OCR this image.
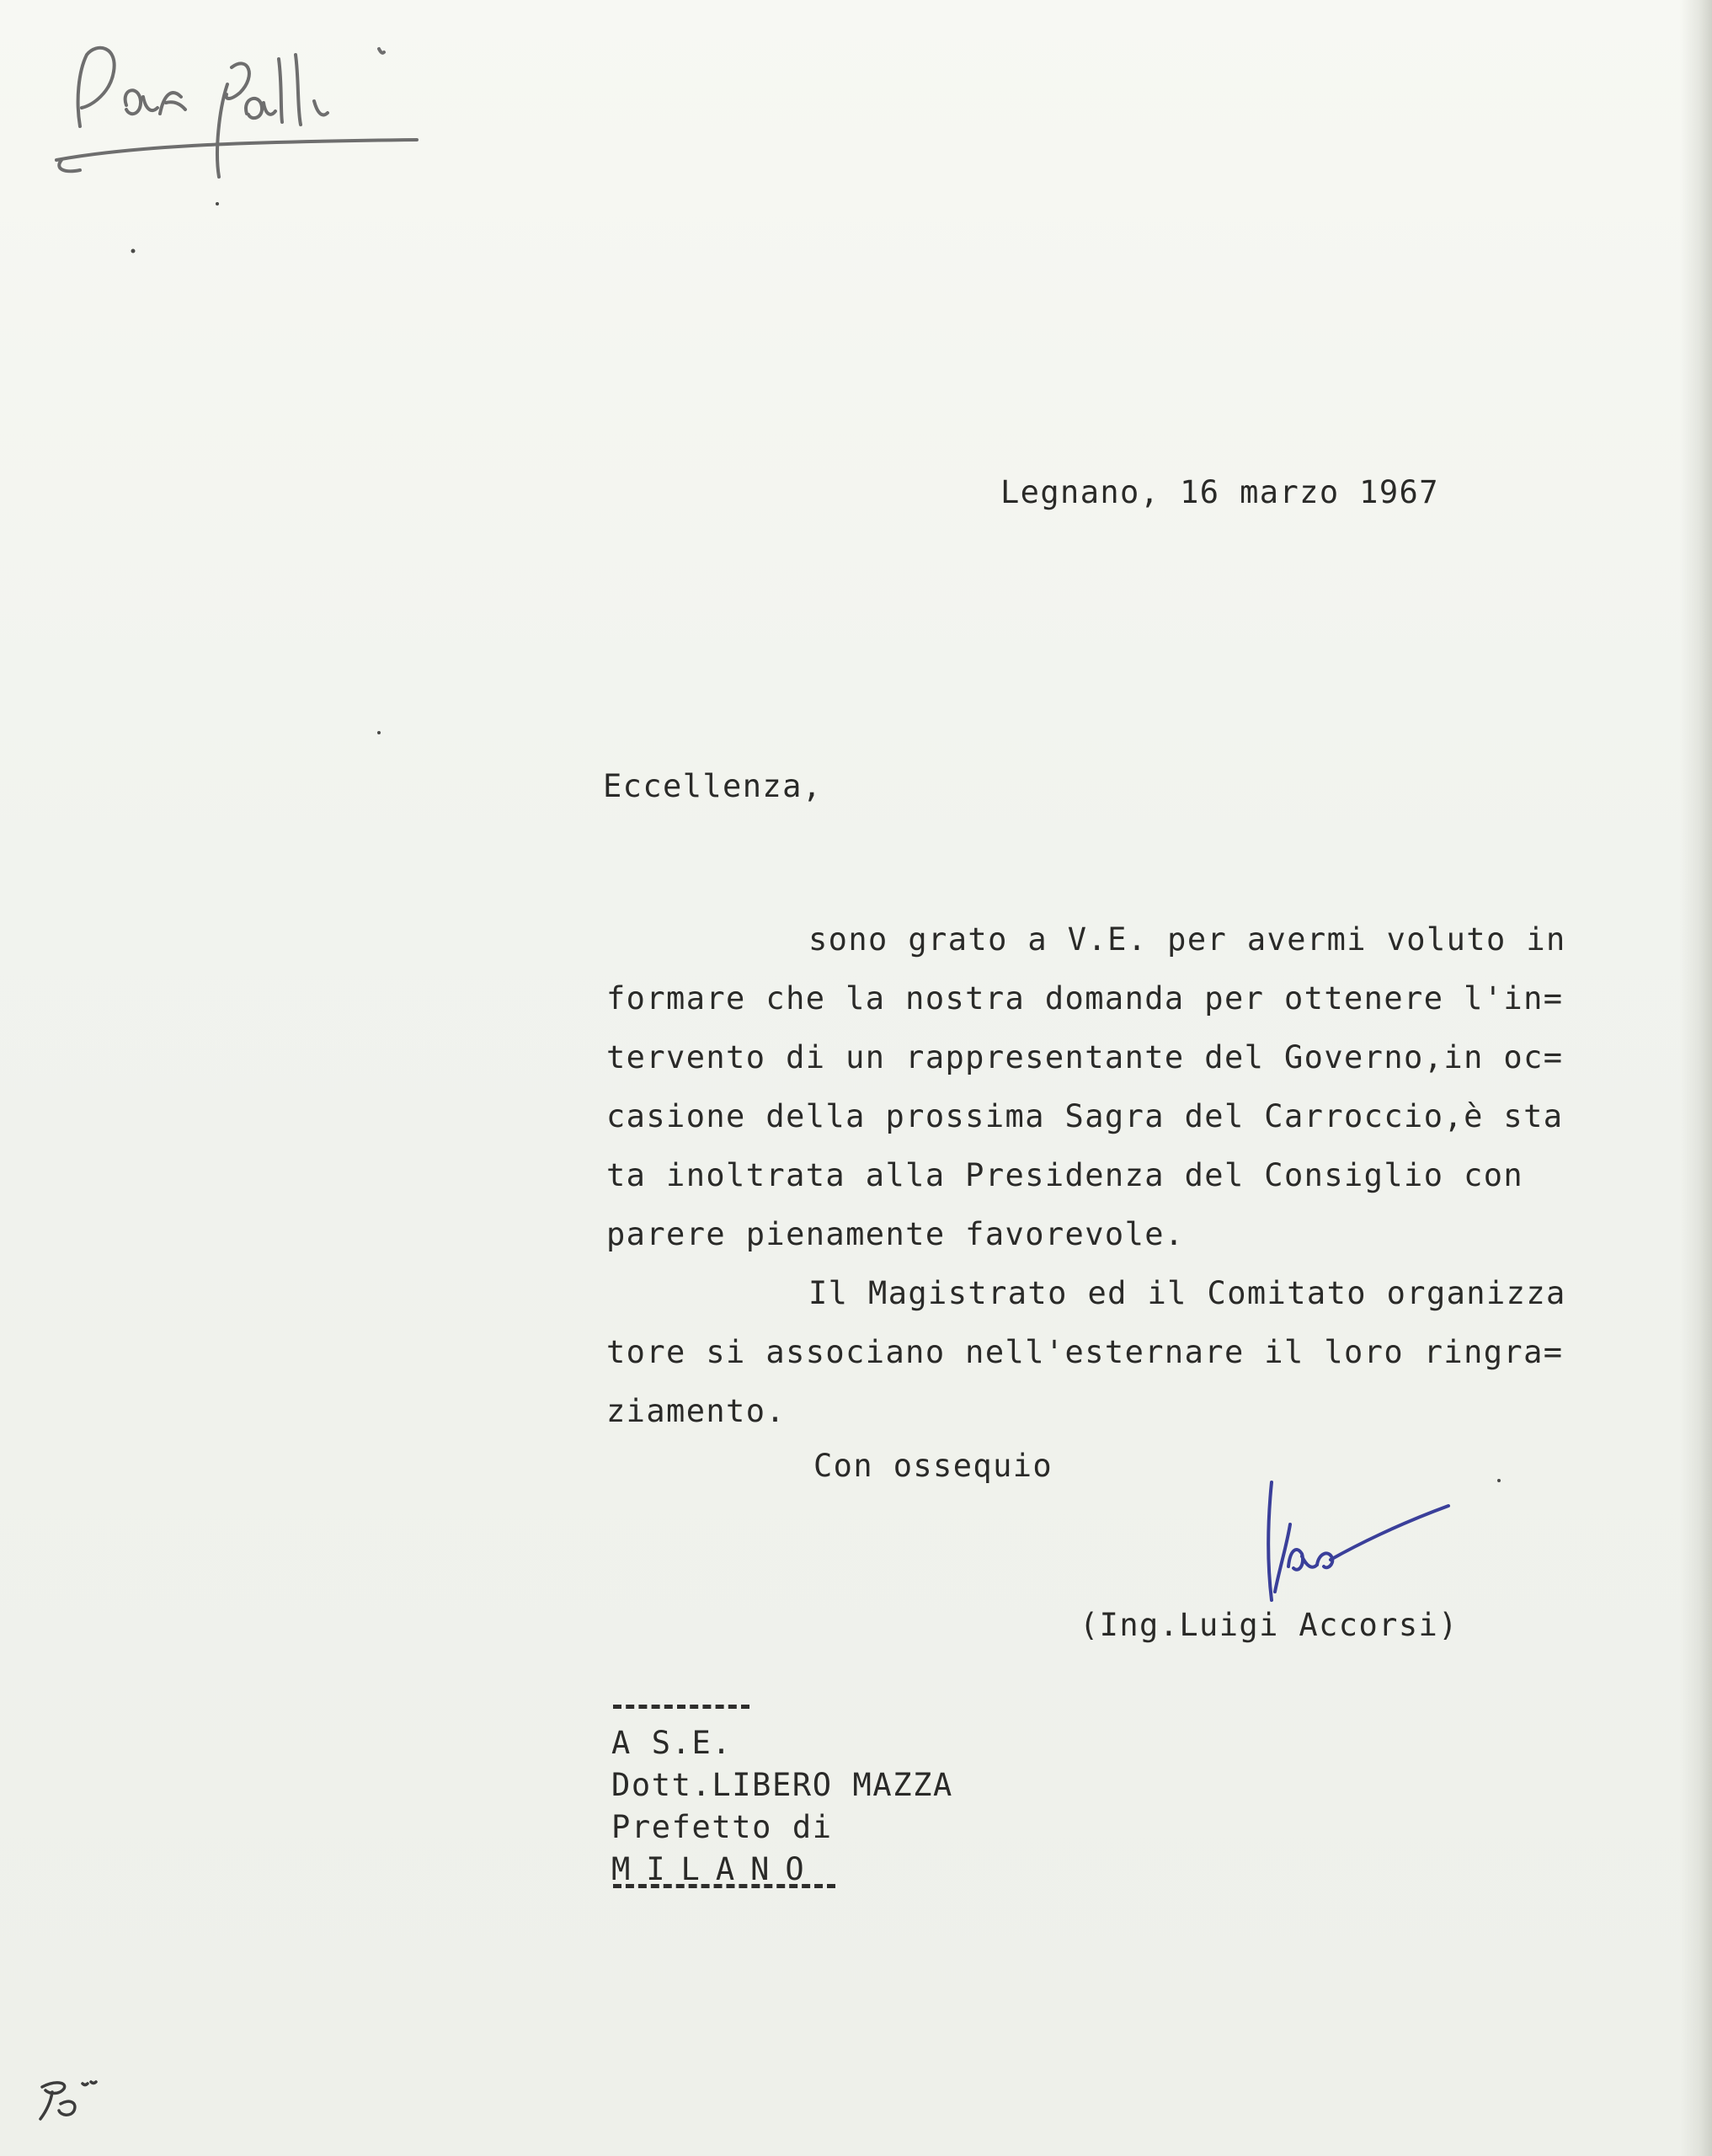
Per falli
Legnano, 16 marzo 1967
Eccellenza,
sono grato a V.E. per avermi voluto in
formare che la nostra domanda per ottenere l'in=
tervento di un rappresentante del Governo,in oc=
casione della prossima Sagra del Carroccio,è sta
ta inoltrata alla Presidenza del Consiglio con
parere pienamente favorevole.
Il Magistrato ed il Comitato organizza
tore si associano nell'esternare il loro ringra=
ziamento.
Con ossequio
(Ing.Luigi Accorsi)
A S.E.
Dott.LIBERO MAZZA
Prefetto di
MILANO
